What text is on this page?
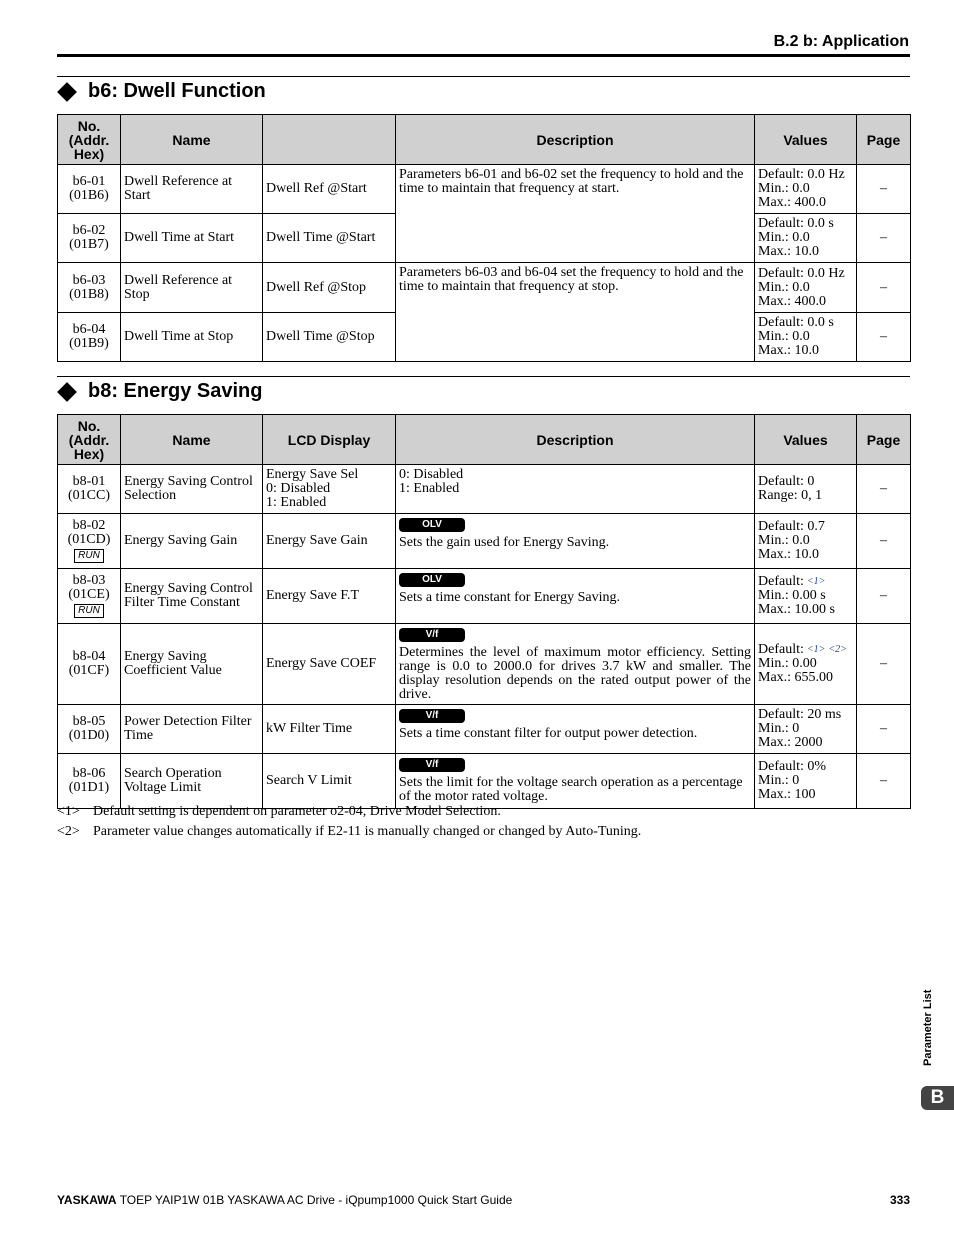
B.2 b: Application
b6: Dwell Function
No.
(Addr.
Hex)	Name		Description	Values	Page
b6-01
(01B6)	Dwell Reference at Start	Dwell Ref @Start	Parameters b6-01 and b6-02 set the frequency to hold and the time to maintain that frequency at start.	Default: 0.0 Hz
Min.: 0.0
Max.: 400.0	–
b6-02
(01B7)	Dwell Time at Start	Dwell Time @Start		Default: 0.0 s
Min.: 0.0
Max.: 10.0	–
b6-03
(01B8)	Dwell Reference at Stop	Dwell Ref @Stop	Parameters b6-03 and b6-04 set the frequency to hold and the time to maintain that frequency at stop.	Default: 0.0 Hz
Min.: 0.0
Max.: 400.0	–
b6-04
(01B9)	Dwell Time at Stop	Dwell Time @Stop		Default: 0.0 s
Min.: 0.0
Max.: 10.0	–
b8: Energy Saving
No.
(Addr.
Hex)	Name	LCD Display	Description	Values	Page
b8-01
(01CC)	Energy Saving Control Selection	Energy Save Sel
0: Disabled
1: Enabled	0: Disabled
1: Enabled	Default: 0
Range: 0, 1	–
b8-02
(01CD)
RUN	Energy Saving Gain	Energy Save Gain	OLV
Sets the gain used for Energy Saving.	Default: 0.7
Min.: 0.0
Max.: 10.0	–
b8-03
(01CE)
RUN	Energy Saving Control Filter Time Constant	Energy Save F.T	OLV
Sets a time constant for Energy Saving.	Default: $^{<1>}$
Min.: 0.00 s
Max.: 10.00 s	–
b8-04
(01CF)	Energy Saving Coefficient Value	Energy Save COEF	V/f
Determines the level of maximum motor efficiency. Setting range is 0.0 to 2000.0 for drives 3.7 kW and smaller. The display resolution depends on the rated output power of the drive.	Default: $^{<1>}$ $^{<2>}$
Min.: 0.00
Max.: 655.00	–
b8-05
(01D0)	Power Detection Filter Time	kW Filter Time	V/f
Sets a time constant filter for output power detection.	Default: 20 ms
Min.: 0
Max.: 2000	–
b8-06
(01D1)	Search Operation Voltage Limit	Search V Limit	V/f
Sets the limit for the voltage search operation as a percentage of the motor rated voltage.	Default: 0%
Min.: 0
Max.: 100	–
<1> Default setting is dependent on parameter o2-04, Drive Model Selection.
<2> Parameter value changes automatically if E2-11 is manually changed or changed by Auto-Tuning.
Parameter List
B
YASKAWA TOEP YAIP1W 01B YASKAWA AC Drive - iQpump1000 Quick Start Guide	333
